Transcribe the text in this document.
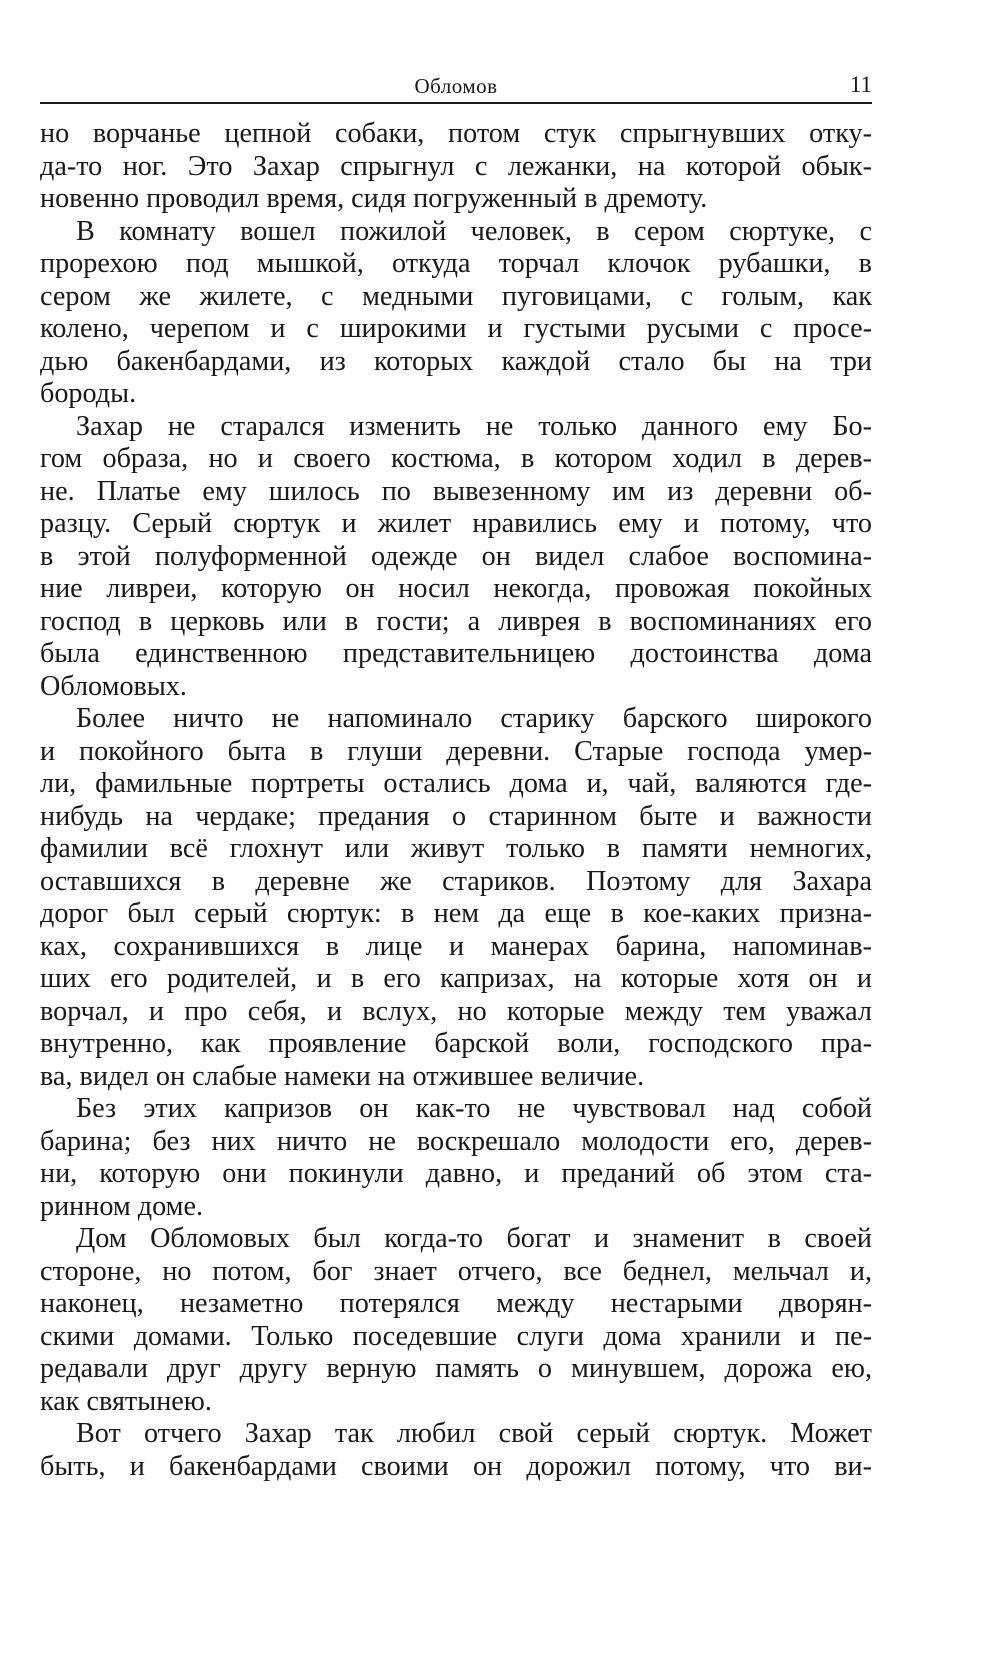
Обломов	11
но ворчанье цепной собаки, потом стук спрыгнувших отку-
да-то ног. Это Захар спрыгнул с лежанки, на которой обык-
новенно проводил время, сидя погруженный в дремоту.
В комнату вошел пожилой человек, в сером сюртуке, с
прорехою под мышкой, откуда торчал клочок рубашки, в
сером же жилете, с медными пуговицами, с голым, как
колено, черепом и с широкими и густыми русыми с просе-
дью бакенбардами, из которых каждой стало бы на три
бороды.
Захар не старался изменить не только данного ему Бо-
гом образа, но и своего костюма, в котором ходил в дерев-
не. Платье ему шилось по вывезенному им из деревни об-
разцу. Серый сюртук и жилет нравились ему и потому, что
в этой полуформенной одежде он видел слабое воспомина-
ние ливреи, которую он носил некогда, провожая покойных
господ в церковь или в гости; а ливрея в воспоминаниях его
была единственною представительницею достоинства дома
Обломовых.
Более ничто не напоминало старику барского широкого
и покойного быта в глуши деревни. Старые господа умер-
ли, фамильные портреты остались дома и, чай, валяются где-
нибудь на чердаке; предания о старинном быте и важности
фамилии всё глохнут или живут только в памяти немногих,
оставшихся в деревне же стариков. Поэтому для Захара
дорог был серый сюртук: в нем да еще в кое-каких призна-
ках, сохранившихся в лице и манерах барина, напоминав-
ших его родителей, и в его капризах, на которые хотя он и
ворчал, и про себя, и вслух, но которые между тем уважал
внутренно, как проявление барской воли, господского пра-
ва, видел он слабые намеки на отжившее величие.
Без этих капризов он как-то не чувствовал над собой
барина; без них ничто не воскрешало молодости его, дерев-
ни, которую они покинули давно, и преданий об этом ста-
ринном доме.
Дом Обломовых был когда-то богат и знаменит в своей
стороне, но потом, бог знает отчего, все беднел, мельчал и,
наконец, незаметно потерялся между нестарыми дворян-
скими домами. Только поседевшие слуги дома хранили и пе-
редавали друг другу верную память о минувшем, дорожа ею,
как святынею.
Вот отчего Захар так любил свой серый сюртук. Может
быть, и бакенбардами своими он дорожил потому, что ви-
